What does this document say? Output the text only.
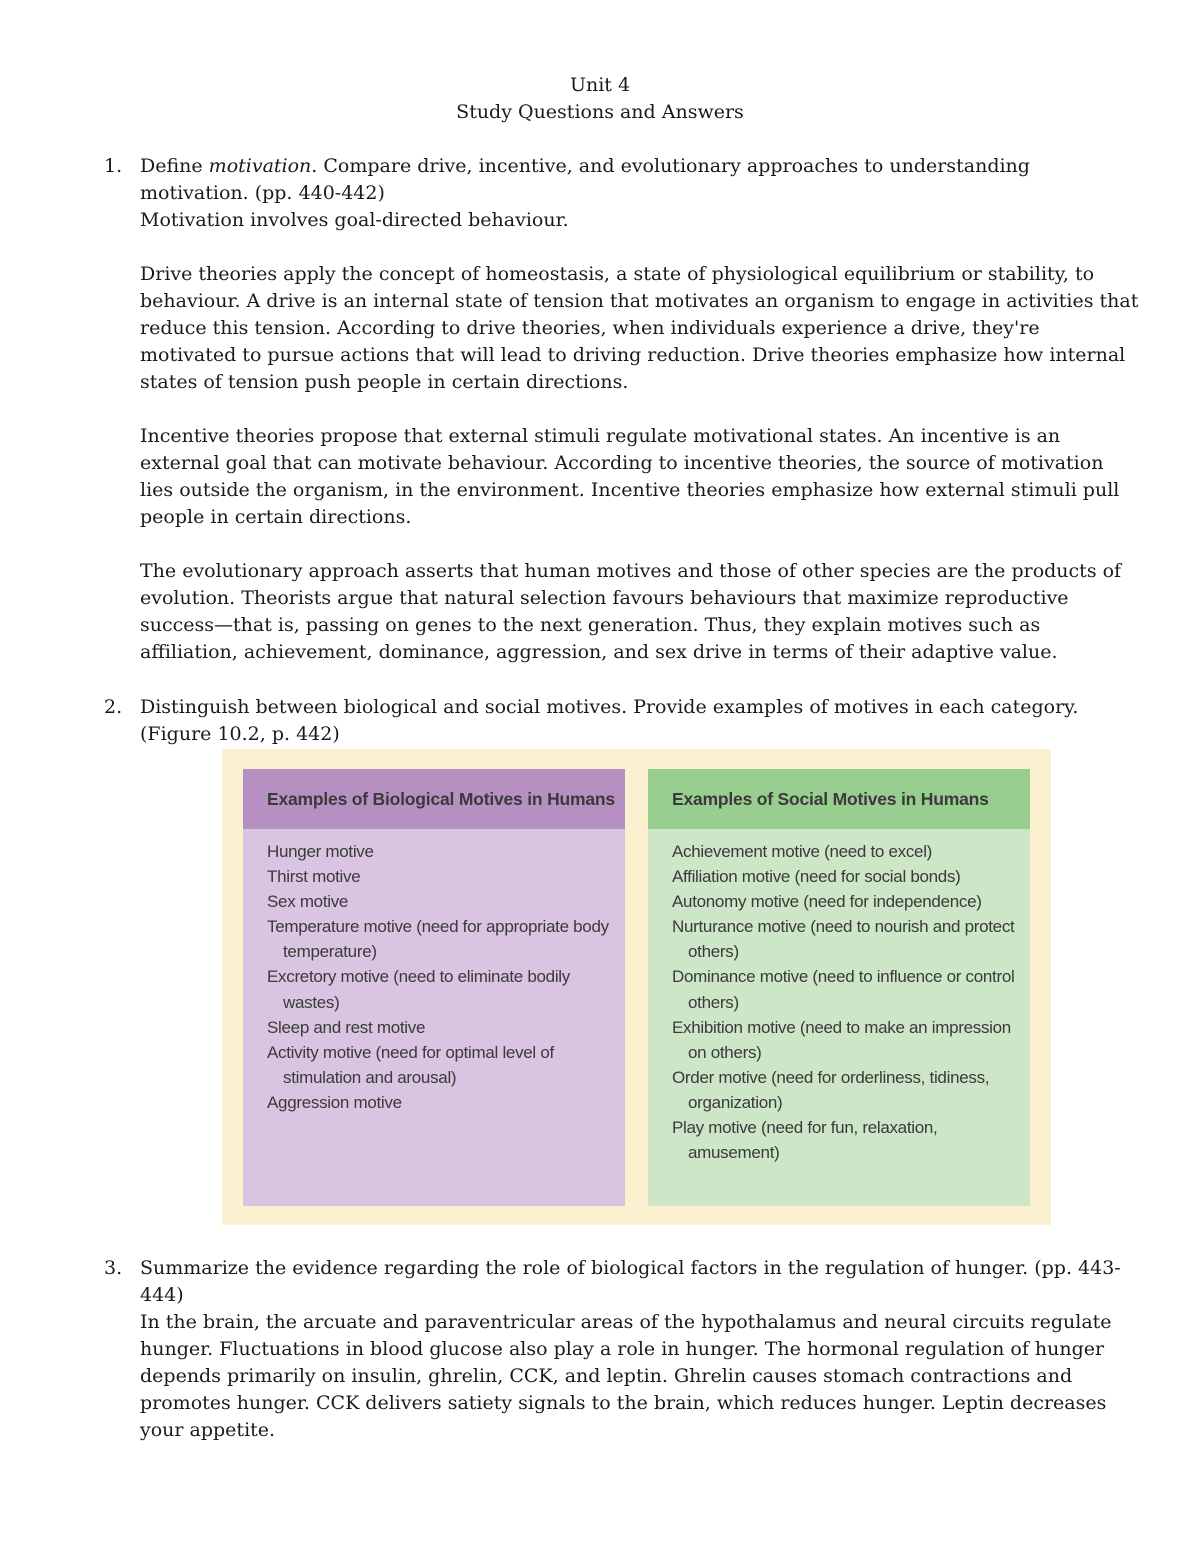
Unit 4
Study Questions and Answers
1. Define motivation. Compare drive, incentive, and evolutionary approaches to understanding motivation. (pp. 440-442)

Motivation involves goal-directed behaviour.

Drive theories apply the concept of homeostasis, a state of physiological equilibrium or stability, to behaviour. A drive is an internal state of tension that motivates an organism to engage in activities that reduce this tension. According to drive theories, when individuals experience a drive, they're motivated to pursue actions that will lead to driving reduction. Drive theories emphasize how internal states of tension push people in certain directions.

Incentive theories propose that external stimuli regulate motivational states. An incentive is an external goal that can motivate behaviour. According to incentive theories, the source of motivation lies outside the organism, in the environment. Incentive theories emphasize how external stimuli pull people in certain directions.

The evolutionary approach asserts that human motives and those of other species are the products of evolution. Theorists argue that natural selection favours behaviours that maximize reproductive success—that is, passing on genes to the next generation. Thus, they explain motives such as affiliation, achievement, dominance, aggression, and sex drive in terms of their adaptive value.

2. Distinguish between biological and social motives. Provide examples of motives in each category. (Figure 10.2, p. 442)

Examples of Biological Motives in Humans
Hunger motive
Thirst motive
Sex motive
Temperature motive (need for appropriate body temperature)
Excretory motive (need to eliminate bodily wastes)
Sleep and rest motive
Activity motive (need for optimal level of stimulation and arousal)
Aggression motive
Examples of Social Motives in Humans
Achievement motive (need to excel)
Affiliation motive (need for social bonds)
Autonomy motive (need for independence)
Nurturance motive (need to nourish and protect others)
Dominance motive (need to influence or control others)
Exhibition motive (need to make an impression on others)
Order motive (need for orderliness, tidiness, organization)
Play motive (need for fun, relaxation, amusement)
3. Summarize the evidence regarding the role of biological factors in the regulation of hunger. (pp. 443-444)

In the brain, the arcuate and paraventricular areas of the hypothalamus and neural circuits regulate hunger. Fluctuations in blood glucose also play a role in hunger. The hormonal regulation of hunger depends primarily on insulin, ghrelin, CCK, and leptin. Ghrelin causes stomach contractions and promotes hunger. CCK delivers satiety signals to the brain, which reduces hunger. Leptin decreases your appetite.
